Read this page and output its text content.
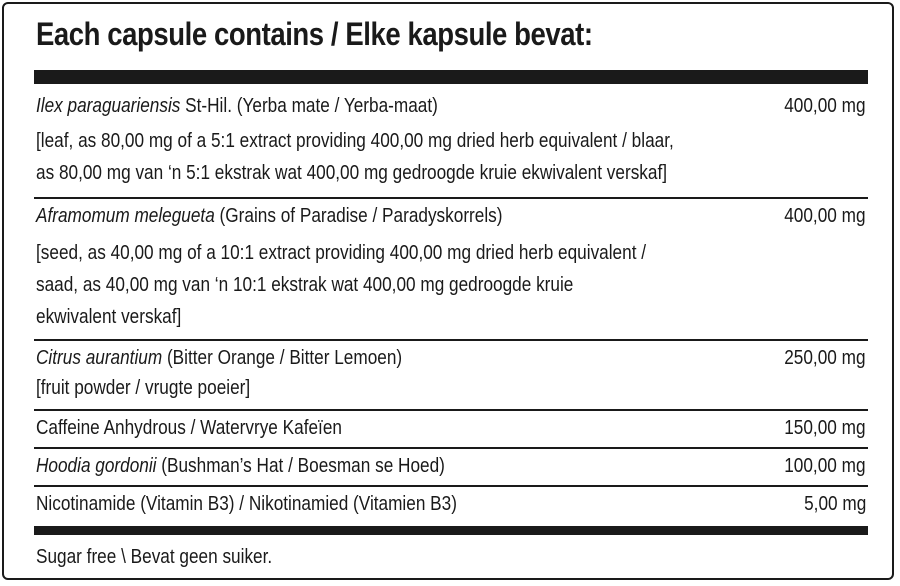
Each capsule contains / Elke kapsule bevat:
Ilex paraguariensis St-Hil. (Yerba mate / Yerba-maat)	400,00 mg
[leaf, as 80,00 mg of a 5:1 extract providing 400,00 mg dried herb equivalent / blaar,
as 80,00 mg van ‘n 5:1 ekstrak wat 400,00 mg gedroogde kruie ekwivalent verskaf]
Aframomum melegueta (Grains of Paradise / Paradyskorrels)	400,00 mg
[seed, as 40,00 mg of a 10:1 extract providing 400,00 mg dried herb equivalent /
saad, as 40,00 mg van ‘n 10:1 ekstrak wat 400,00 mg gedroogde kruie
ekwivalent verskaf]
Citrus aurantium (Bitter Orange / Bitter Lemoen)	250,00 mg
[fruit powder / vrugte poeier]
Caffeine Anhydrous / Watervrye Kafeïen	150,00 mg
Hoodia gordonii (Bushman’s Hat / Boesman se Hoed)	100,00 mg
Nicotinamide (Vitamin B3) / Nikotinamied (Vitamien B3)	5,00 mg
Sugar free \ Bevat geen suiker.
